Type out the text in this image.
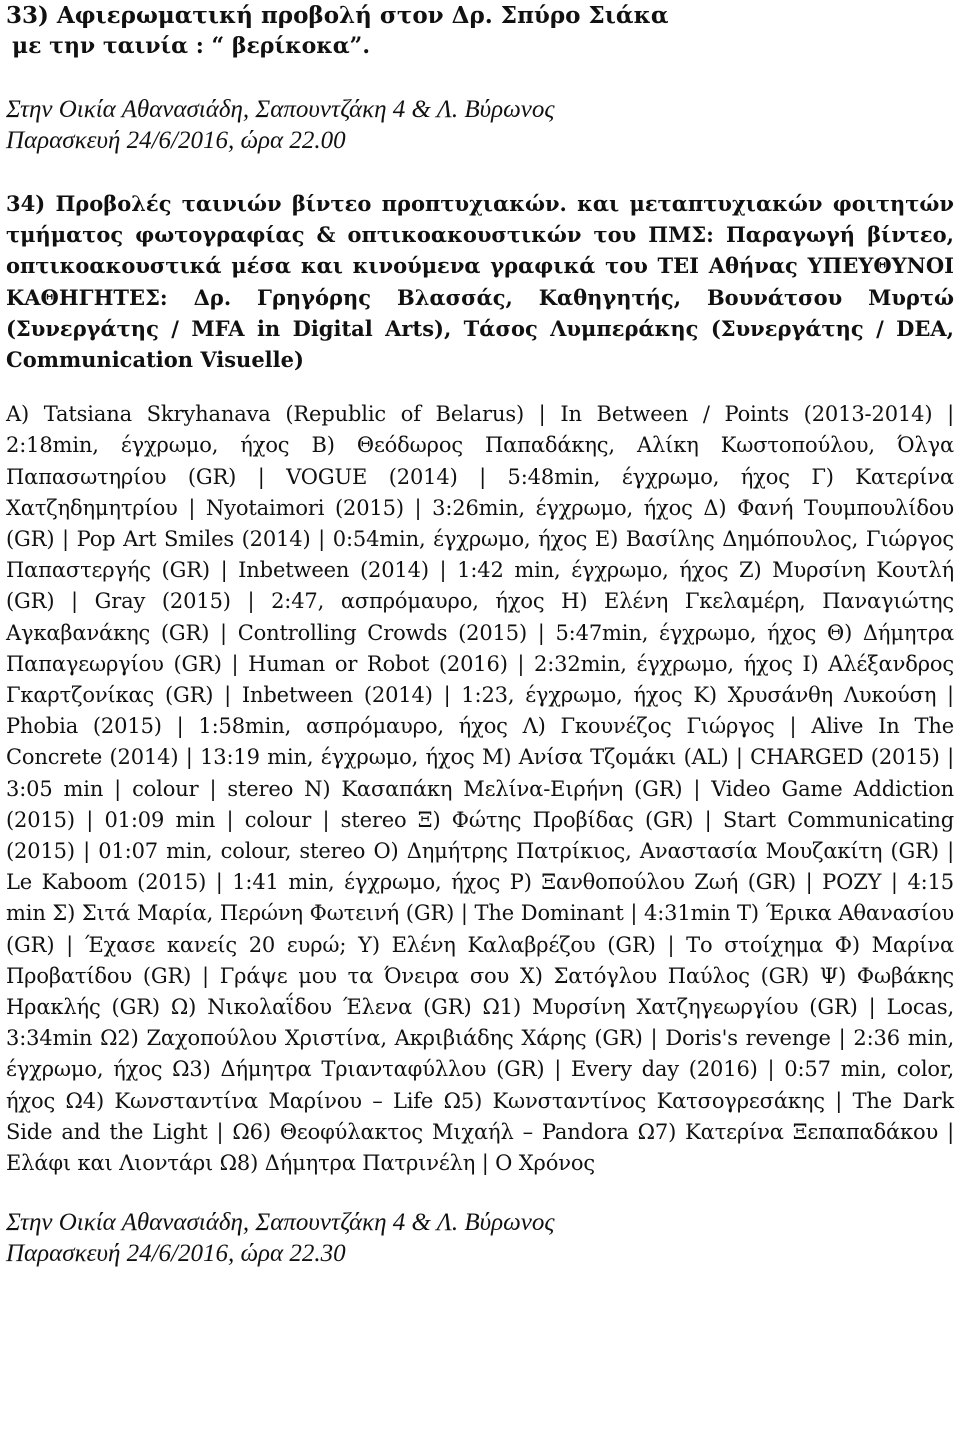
33) Αφιερωματική προβολή στον Δρ. Σπύρο Σιάκα

με την ταινία : “ βερίκοκα”.

Στην Οικία Αθανασιάδη, Σαπουντζάκη 4 & Λ. Βύρωνος

Παρασκευή 24/6/2016, ώρα 22.00

34) Προβολές ταινιών βίντεο προπτυχιακών. και μεταπτυχιακών φοιτητών τμήματος φωτογραφίας & οπτικοακουστικών του ΠΜΣ: Παραγωγή βίντεο, οπτικοακουστικά μέσα και κινούμενα γραφικά του ΤΕΙ Αθήνας ΥΠΕΥΘΥΝΟΙ ΚΑΘΗΓΗΤΕΣ: Δρ. Γρηγόρης Βλασσάς, Καθηγητής, Βουνάτσου Μυρτώ (Συνεργάτης / MFA in Digital Arts), Τάσος Λυμπεράκης (Συνεργάτης / DEA, Communication Visuelle)

Α) Tatsiana Skryhanava (Republic of Belarus) | In Between / Points (2013-2014) | 2:18min, έγχρωμο, ήχος Β) Θεόδωρος Παπαδάκης, Αλίκη Κωστοπούλου, Όλγα Παπασωτηρίου (GR) | VOGUE (2014) | 5:48min, έγχρωμο, ήχος Γ) Κατερίνα Χατζηδημητρίου | Nyotaimori (2015) | 3:26min, έγχρωμο, ήχος Δ) Φανή Τουμπουλίδου (GR) | Pop Art Smiles (2014) | 0:54min, έγχρωμο, ήχος Ε) Βασίλης Δημόπουλος, Γιώργος Παπαστεργής (GR) | Inbetween (2014) | 1:42 min, έγχρωμο, ήχος Ζ) Μυρσίνη Κουτλή (GR) | Gray (2015) | 2:47, ασπρόμαυρο, ήχος Η) Ελένη Γκελαμέρη, Παναγιώτης Αγκαβανάκης (GR) | Controlling Crowds (2015) | 5:47min, έγχρωμο, ήχος Θ) Δήμητρα Παπαγεωργίου (GR) | Human or Robot (2016) | 2:32min, έγχρωμο, ήχος Ι) Αλέξανδρος Γκαρτζονίκας (GR) | Inbetween (2014) | 1:23, έγχρωμο, ήχος Κ) Χρυσάνθη Λυκούση | Phobia (2015) | 1:58min, ασπρόμαυρο, ήχος Λ) Γκουνέζος Γιώργος | Alive In The Concrete (2014) | 13:19 min, έγχρωμο, ήχος Μ) Ανίσα Τζομάκι (AL) | CHARGED (2015) | 3:05 min | colour | stereo Ν) Κασαπάκη Μελίνα-Ειρήνη (GR) | Video Game Addiction (2015) | 01:09 min | colour | stereo Ξ) Φώτης Προβίδας (GR) | Start Communicating (2015) | 01:07 min, colour, stereo Ο) Δημήτρης Πατρίκιος, Αναστασία Μουζακίτη (GR) | Le Kaboom (2015) | 1:41 min, έγχρωμο, ήχος Ρ) Ξανθοπούλου Ζωή (GR) | ΡΟΖΥ | 4:15 min Σ) Σιτά Μαρία, Περώνη Φωτεινή (GR) | The Dominant | 4:31min Τ) Έρικα Αθανασίου (GR) | Έχασε κανείς 20 ευρώ; Υ) Ελένη Καλαβρέζου (GR) | Το στοίχημα Φ) Μαρίνα Προβατίδου (GR) | Γράψε μου τα Όνειρα σου Χ) Σατόγλου Παύλος (GR) Ψ) Φωβάκης Ηρακλής (GR) Ω) Νικολαΐδου Έλενα (GR) Ω1) Μυρσίνη Χατζηγεωργίου (GR) | Locas, 3:34min Ω2) Ζαχοπούλου Χριστίνα, Ακριβιάδης Χάρης (GR) | Doris's revenge | 2:36 min, έγχρωμο, ήχος Ω3) Δήμητρα Τριανταφύλλου (GR) | Every day (2016) | 0:57 min, color, ήχος Ω4) Κωνσταντίνα Μαρίνου – Life Ω5) Κωνσταντίνος Κατσογρεσάκης | The Dark Side and the Light | Ω6) Θεοφύλακτος Μιχαήλ – Pandora Ω7) Κατερίνα Ξεπαπαδάκου | Ελάφι και Λιοντάρι Ω8) Δήμητρα Πατρινέλη | Ο Χρόνος

Στην Οικία Αθανασιάδη, Σαπουντζάκη 4 & Λ. Βύρωνος

Παρασκευή 24/6/2016, ώρα 22.30
